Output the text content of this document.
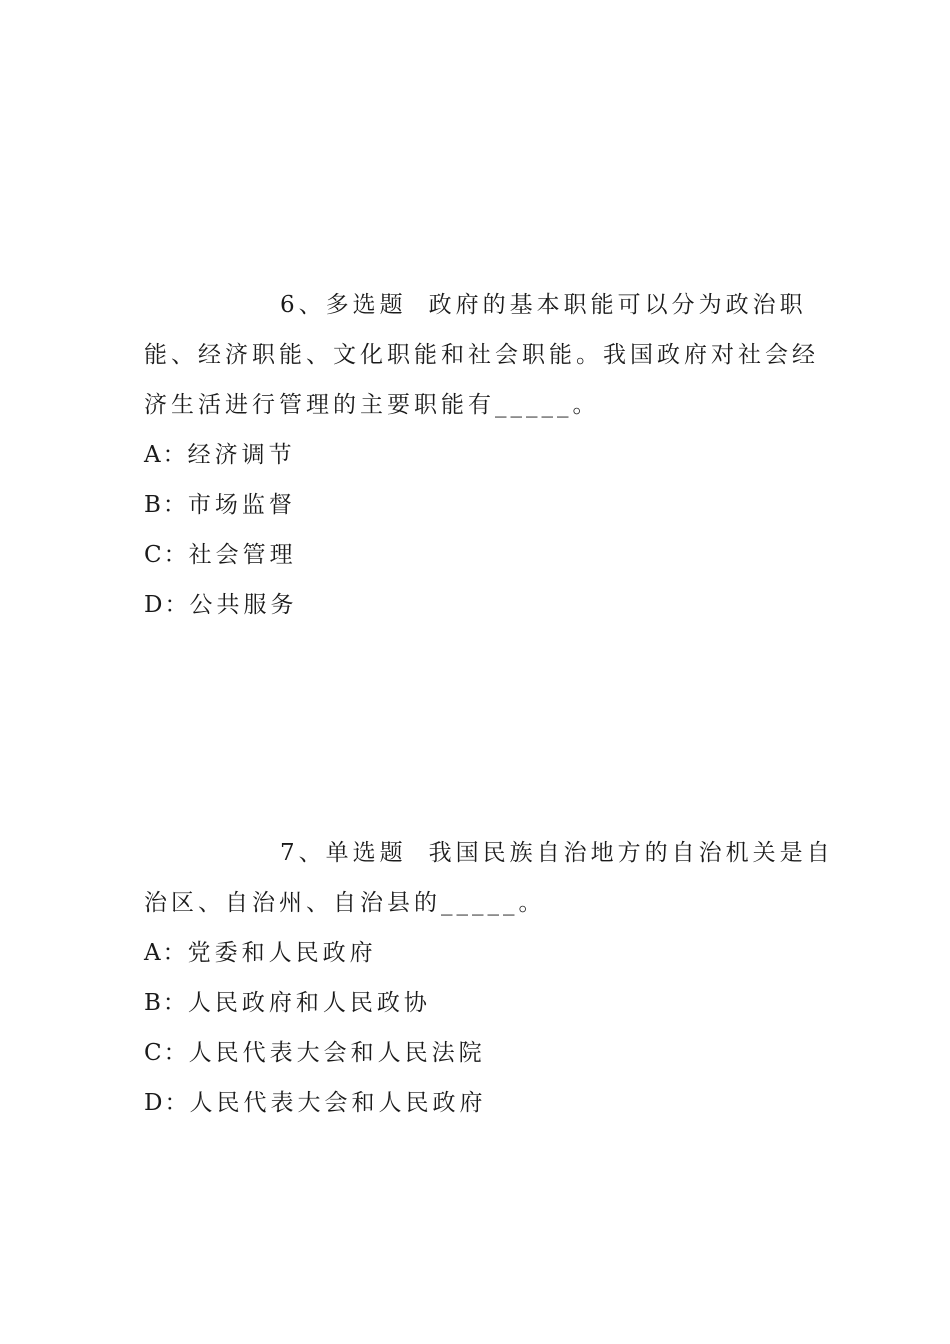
6、多选题 政府的基本职能可以分为政治职能、经济职能、文化职能和社会职能。我国政府对社会经济生活进行管理的主要职能有_____。

A：经济调节
B：市场监督
C：社会管理
D：公共服务

7、单选题 我国民族自治地方的自治机关是自治区、自治州、自治县的_____。

A：党委和人民政府
B：人民政府和人民政协
C：人民代表大会和人民法院
D：人民代表大会和人民政府
